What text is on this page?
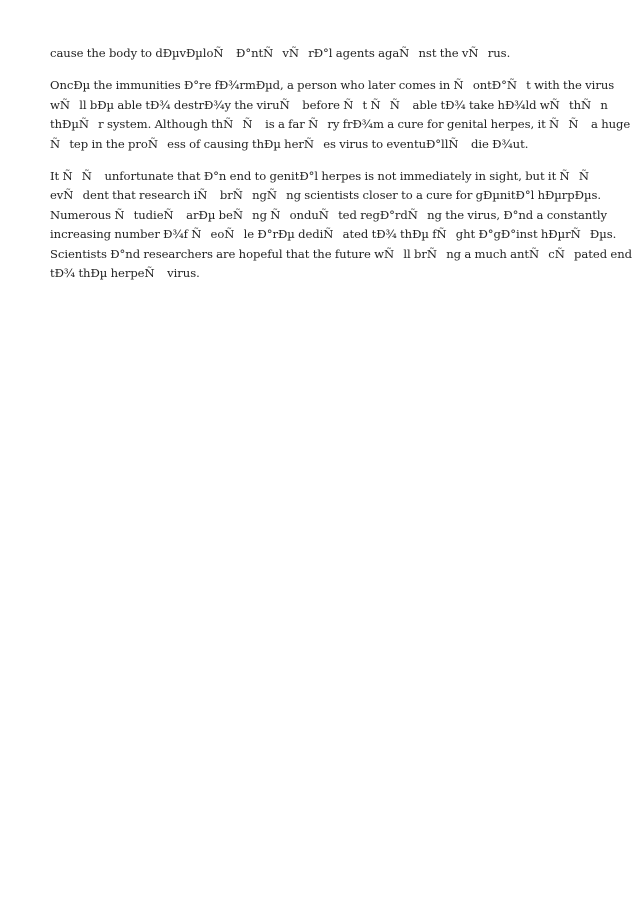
cause the body to dÐµvÐµloÑ Ð°ntÑvÑrÐ°l agents agaÑnst the vÑrus.

OncÐµ the immunities Ð°re fÐ¾rmÐµd, a person who later comes in ÑontÐ°Ñt with the virus
wÑll bÐµ able tÐ¾ destrÐ¾y the viruÑ before Ñt ÑÑ able tÐ¾ take hÐ¾ld wÑthÑn
thÐµÑr system. Although thÑÑ is a far Ñry frÐ¾m a cure for genital herpes, it ÑÑ a huge
Ñtep in the proÑess of causing thÐµ herÑes virus to eventuÐ°llÑ die Ð¾ut.

It ÑÑ unfortunate that Ð°n end to genitÐ°l herpes is not immediately in sight, but it ÑÑ
evÑdent that research iÑ brÑngÑng scientists closer to a cure for gÐµnitÐ°l hÐµrpÐµs.
Numerous ÑtudieÑ arÐµ beÑng ÑonduÑted regÐ°rdÑng the virus, Ð°nd a constantly
increasing number Ð¾f ÑeoÑle Ð°rÐµ dediÑated tÐ¾ thÐµ fÑght Ð°gÐ°inst hÐµrÑÐµs.
Scientists Ð°nd researchers are hopeful that the future wÑll brÑng a much antÑcÑpated end
tÐ¾ thÐµ herpeÑ virus.
